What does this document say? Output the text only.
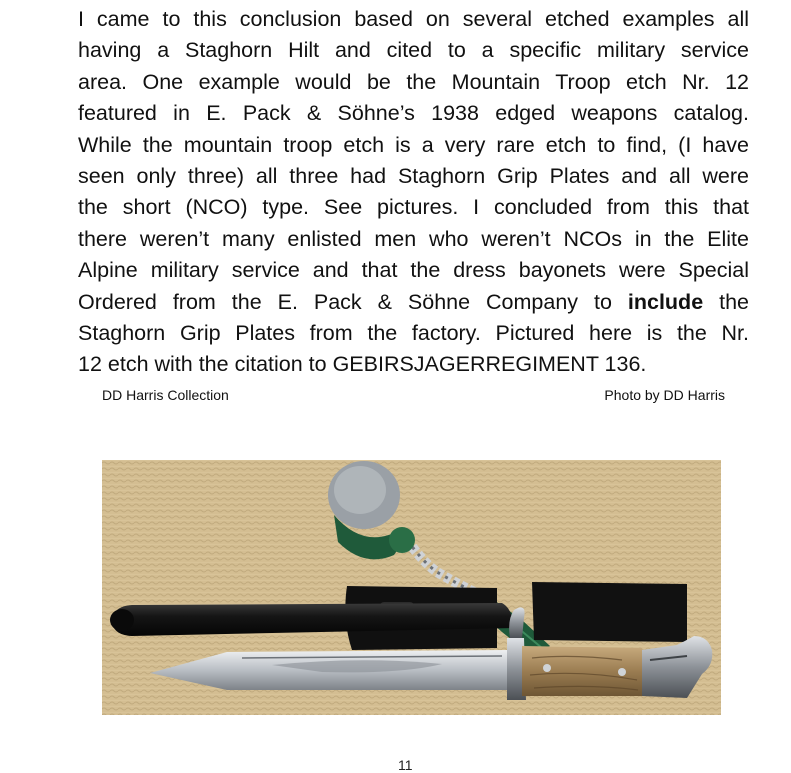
I came to this conclusion based on several etched examples all
having a Staghorn Hilt and cited to a specific military service
area. One example would be the Mountain Troop etch Nr. 12
featured in E. Pack & Söhne’s 1938 edged weapons catalog.
While the mountain troop etch is a very rare etch to find, (I have
seen only three) all three had Staghorn Grip Plates and all were
the short (NCO) type. See pictures. I concluded from this that
there weren’t many enlisted men who weren’t NCOs in the Elite
Alpine military service and that the dress bayonets were Special
Ordered from the E. Pack & Söhne Company to include the
Staghorn Grip Plates from the factory. Pictured here is the Nr.
12 etch with the citation to GEBIRSJAGERREGIMENT 136.
DD Harris Collection	Photo by DD Harris
11
